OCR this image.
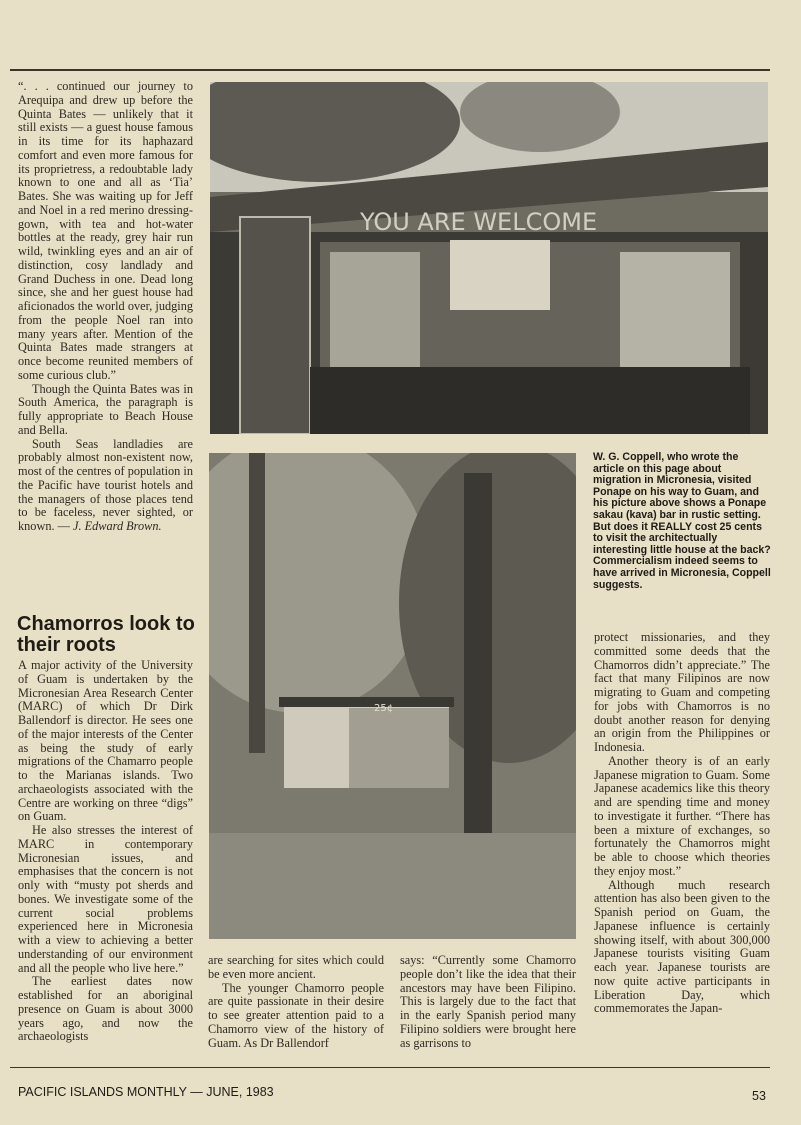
“. . . continued our journey to Arequipa and drew up before the Quinta Bates — unlikely that it still exists — a guest house famous in its time for its haphazard comfort and even more famous for its proprietress, a redoubtable lady known to one and all as ‘Tia’ Bates. She was waiting up for Jeff and Noel in a red merino dressing-gown, with tea and hot-water bottles at the ready, grey hair run wild, twinkling eyes and an air of distinction, cosy landlady and Grand Duchess in one. Dead long since, she and her guest house had aficionados the world over, judging from the people Noel ran into many years after. Mention of the Quinta Bates made strangers at once become reunited members of some curious club.”

Though the Quinta Bates was in South America, the paragraph is fully appropriate to Beach House and Bella.

South Seas landladies are probably almost non-existent now, most of the centres of population in the Pacific have tourist hotels and the managers of those places tend to be faceless, never sighted, or known. — J. Edward Brown.

Chamorros look to their roots

A major activity of the University of Guam is undertaken by the Micronesian Area Research Center (MARC) of which Dr Dirk Ballendorf is director. He sees one of the major interests of the Center as being the study of early migrations of the Chamarro people to the Marianas islands. Two archaeologists associated with the Centre are working on three “digs” on Guam.

He also stresses the interest of MARC in contemporary Micronesian issues, and emphasises that the concern is not only with “musty pot sherds and bones. We investigate some of the current social problems experienced here in Micronesia with a view to achieving a better understanding of our environment and all the people who live here.”

The earliest dates now established for an aboriginal presence on Guam is about 3000 years ago, and now the archaeologists

YOU ARE WELCOME
25¢
W. G. Coppell, who wrote the article on this page about migration in Micronesia, visited Ponape on his way to Guam, and his picture above shows a Ponape sakau (kava) bar in rustic setting. But does it REALLY cost 25 cents to visit the architectually interesting little house at the back? Commercialism indeed seems to have arrived in Micronesia, Coppell suggests.

are searching for sites which could be even more ancient.

The younger Chamorro people are quite passionate in their desire to see greater attention paid to a Chamorro view of the history of Guam. As Dr Ballendorf

says: “Currently some Chamorro people don’t like the idea that their ancestors may have been Filipino. This is largely due to the fact that in the early Spanish period many Filipino soldiers were brought here as garrisons to

protect missionaries, and they committed some deeds that the Chamorros didn’t appreciate.” The fact that many Filipinos are now migrating to Guam and competing for jobs with Chamorros is no doubt another reason for denying an origin from the Philippines or Indonesia.

Another theory is of an early Japanese migration to Guam. Some Japanese academics like this theory and are spending time and money to investigate it further. “There has been a mixture of exchanges, so fortunately the Chamorros might be able to choose which theories they enjoy most.”

Although much research attention has also been given to the Spanish period on Guam, the Japanese influence is certainly showing itself, with about 300,000 Japanese tourists visiting Guam each year. Japanese tourists are now quite active participants in Liberation Day, which commemorates the Japan-

PACIFIC ISLANDS MONTHLY — JUNE, 1983	53
